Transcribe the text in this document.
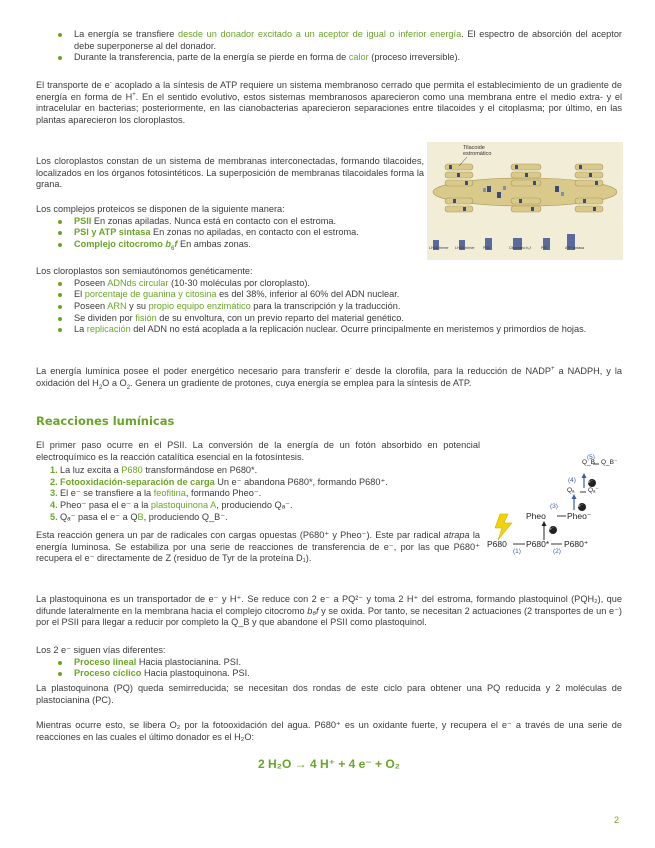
La energía se transfiere desde un donador excitado a un aceptor de igual o inferior energía. El espectro de absorción del aceptor debe superponerse al del donador.
Durante la transferencia, parte de la energía se pierde en forma de calor (proceso irreversible).
El transporte de e- acoplado a la síntesis de ATP requiere un sistema membranoso cerrado que permita el establecimiento de un gradiente de energía en forma de H+. En el sentido evolutivo, estos sistemas membranosos aparecieron como una membrana entre el medio extra- y el intracelular en bacterias; posteriormente, en las cianobacterias aparecieron separaciones entre tilacoides y el citoplasma; por último, en las plantas aparecieron los cloroplastos.
Los cloroplastos constan de un sistema de membranas interconectadas, formando tilacoides, localizados en los órganos fotosintéticos. La superposición de membranas tilacoidales forma la grana.
Los complejos proteicos se disponen de la siguiente manera:
PSII En zonas apiladas. Nunca está en contacto con el estroma.
PSI y ATP sintasa En zonas no apiladas, en contacto con el estroma.
Complejo citocromo $b_6f$ En ambas zonas.
Tilacoide
estromático
LHCII trímer	LHCII trímer	PSII	Citocromo b₆f	PSI	ATP sintasa
Los cloroplastos son semiautónomos genéticamente:
Poseen ADNds circular (10-30 moléculas por cloroplasto).
El porcentaje de guanina y citosina es del 38%, inferior al 60% del ADN nuclear.
Poseen ARN y su propio equipo enzimático para la transcripción y la traducción.
Se dividen por fisión de su envoltura, con un previo reparto del material genético.
La replicación del ADN no está acoplada a la replicación nuclear. Ocurre principalmente en meristemos y primordios de hojas.
La energía lumínica posee el poder energético necesario para transferir e- desde la clorofila, para la reducción de NADP+ a NADPH, y la oxidación del $H_2O$ a $O_2$. Genera un gradiente de protones, cuya energía se emplea para la síntesis de ATP.
Reacciones lumínicas
El primer paso ocurre en el PSII. La conversión de la energía de un fotón absorbido en potencial electroquímico es la reacción catalítica esencial en la fotosíntesis.
1. La luz excita a P680 transformándose en P680*.
2. Fotooxidación-separación de carga Un e⁻ abandona P680*, formando P680⁺.
3. El e⁻ se transfiere a la feofitina, formando Pheo⁻.
4. Pheo⁻ pasa el e⁻ a la plastoquinona A, produciendo Qₐ⁻.
5. Qₐ⁻ pasa el e⁻ a QB, produciendo Q_B⁻.
Esta reacción genera un par de radicales con cargas opuestas (P680⁺ y Pheo⁻). Este par radical atrapa la energía luminosa. Se estabiliza por una serie de reacciones de transferencia de e⁻, por las que P680⁺ recupera el e⁻ directamente de Z (residuo de Tyr de la proteína D₁).
P680 P680* P680⁺
Pheo Pheo⁻
Qₐ Qₐ⁻
Q_B Q_B⁻
e⁻
e⁻
e⁻
(1)	(2)
(3)
(4)
(5)
La plastoquinona es un transportador de e⁻ y H⁺. Se reduce con 2 e⁻ a PQ²⁻ y toma 2 H⁺ del estroma, formando plastoquinol (PQH₂), que difunde lateralmente en la membrana hacia el complejo citocromo b₆f y se oxida. Por tanto, se necesitan 2 actuaciones (2 transportes de un e⁻) por el PSII para llegar a reducir por completo la Q_B y que abandone el PSII como plastoquinol.
Los 2 e⁻ siguen vías diferentes:
Proceso lineal Hacia plastocianina. PSI.
Proceso cíclico Hacia plastoquinona. PSI.
La plastoquinona (PQ) queda semirreducida; se necesitan dos rondas de este ciclo para obtener una PQ reducida y 2 moléculas de plastocianina (PC).
Mientras ocurre esto, se libera O₂ por la fotooxidación del agua. P680⁺ es un oxidante fuerte, y recupera el e⁻ a través de una serie de reacciones en las cuales el último donador es el H₂O:
2 H₂O → 4 H⁺ + 4 e⁻ + O₂
2
